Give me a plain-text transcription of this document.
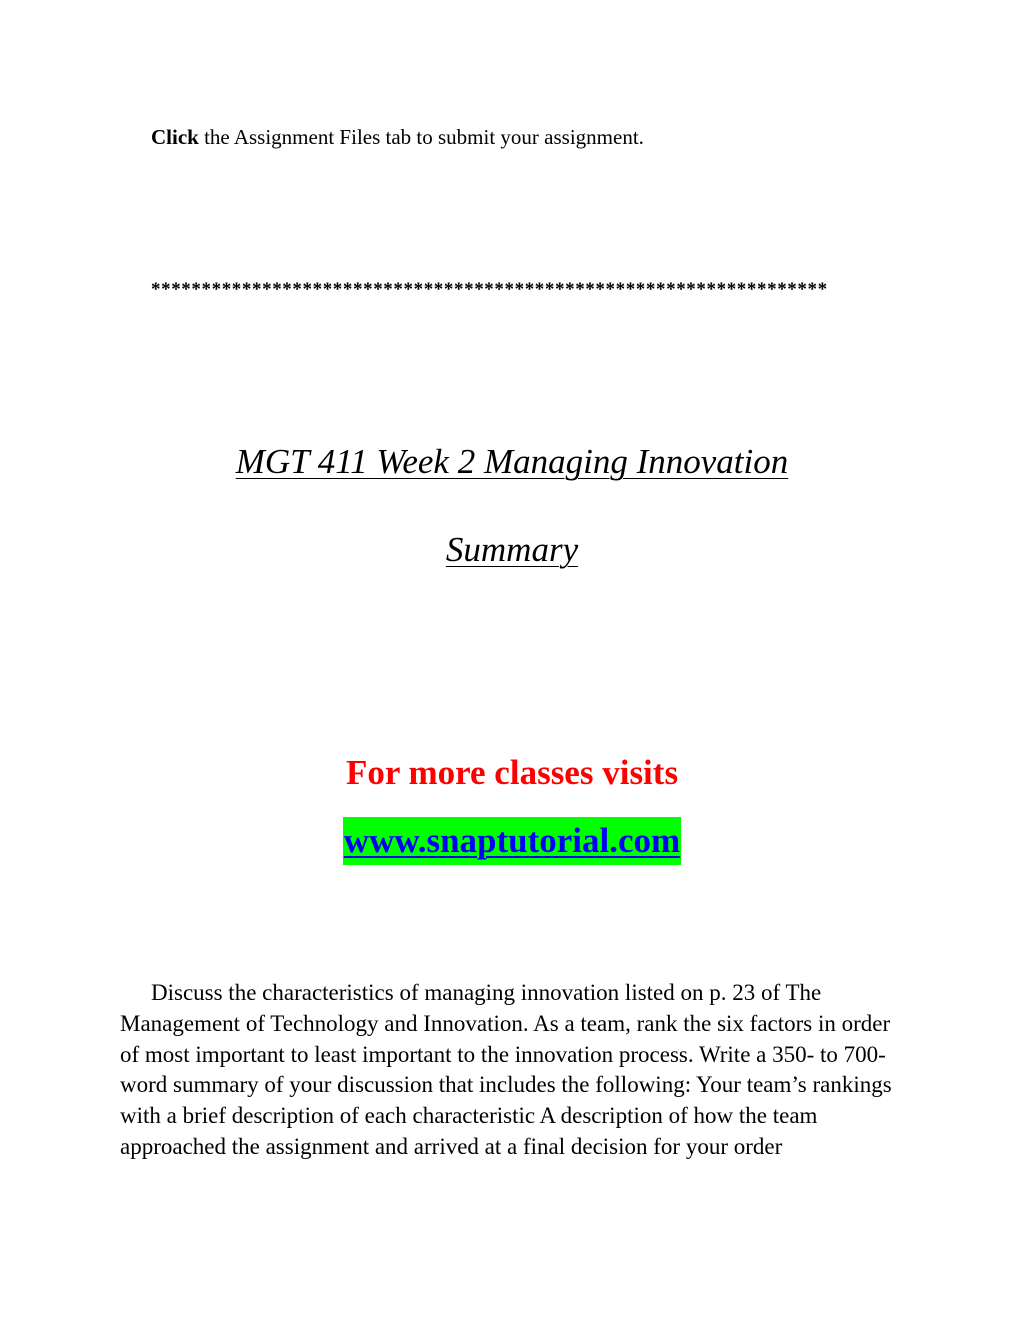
Click the Assignment Files tab to submit your assignment.
*******************************************************************
MGT 411 Week 2 Managing Innovation
Summary
For more classes visits
www.snaptutorial.com

Discuss the characteristics of managing innovation listed on p. 23 of The Management of Technology and Innovation. As a team, rank the six factors in order of most important to least important to the innovation process. Write a 350- to 700-word summary of your discussion that includes the following: Your team’s rankings with a brief description of each characteristic A description of how the team approached the assignment and arrived at a final decision for your order
